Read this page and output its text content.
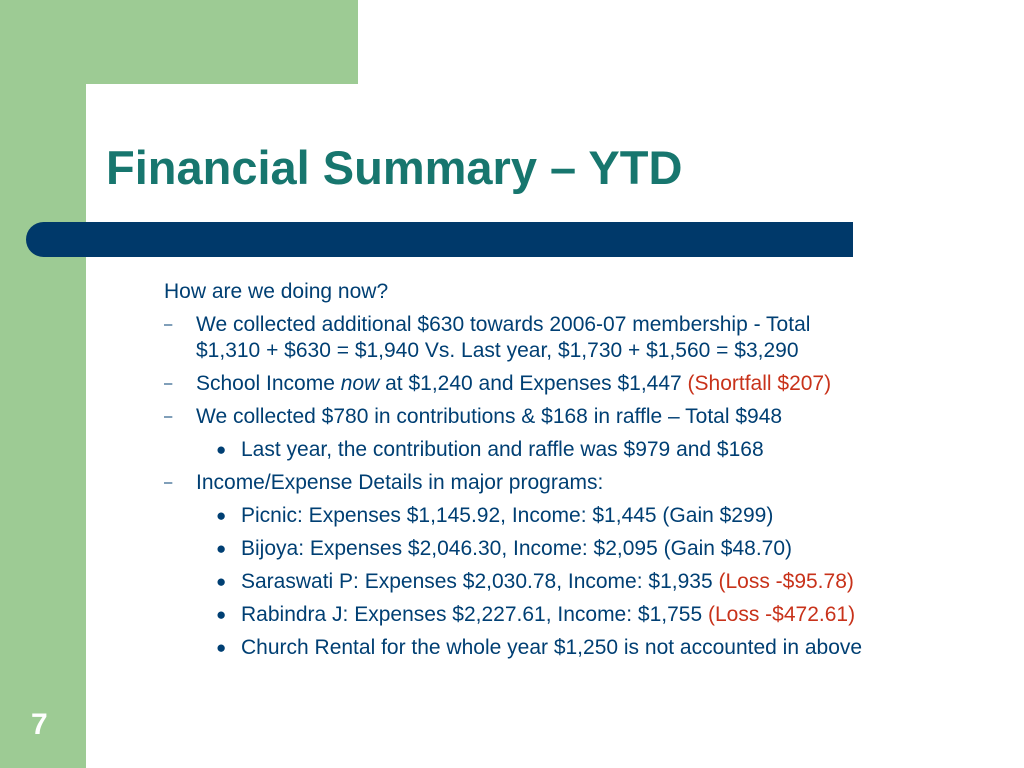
Financial Summary – YTD
7

How are we doing now?

– We collected additional $630 towards 2006-07 membership - Total
$1,310 + $630 = $1,940 Vs. Last year, $1,730 + $1,560 = $3,290
– School Income now at $1,240 and Expenses $1,447 (Shortfall $207)
– We collected $780 in contributions & $168 in raffle – Total $948
● Last year, the contribution and raffle was $979 and $168
– Income/Expense Details in major programs:
● Picnic: Expenses $1,145.92, Income: $1,445 (Gain $299)
● Bijoya: Expenses $2,046.30, Income: $2,095 (Gain $48.70)
● Saraswati P: Expenses $2,030.78, Income: $1,935 (Loss -$95.78)
● Rabindra J: Expenses $2,227.61, Income: $1,755 (Loss -$472.61)
● Church Rental for the whole year $1,250 is not accounted in above
